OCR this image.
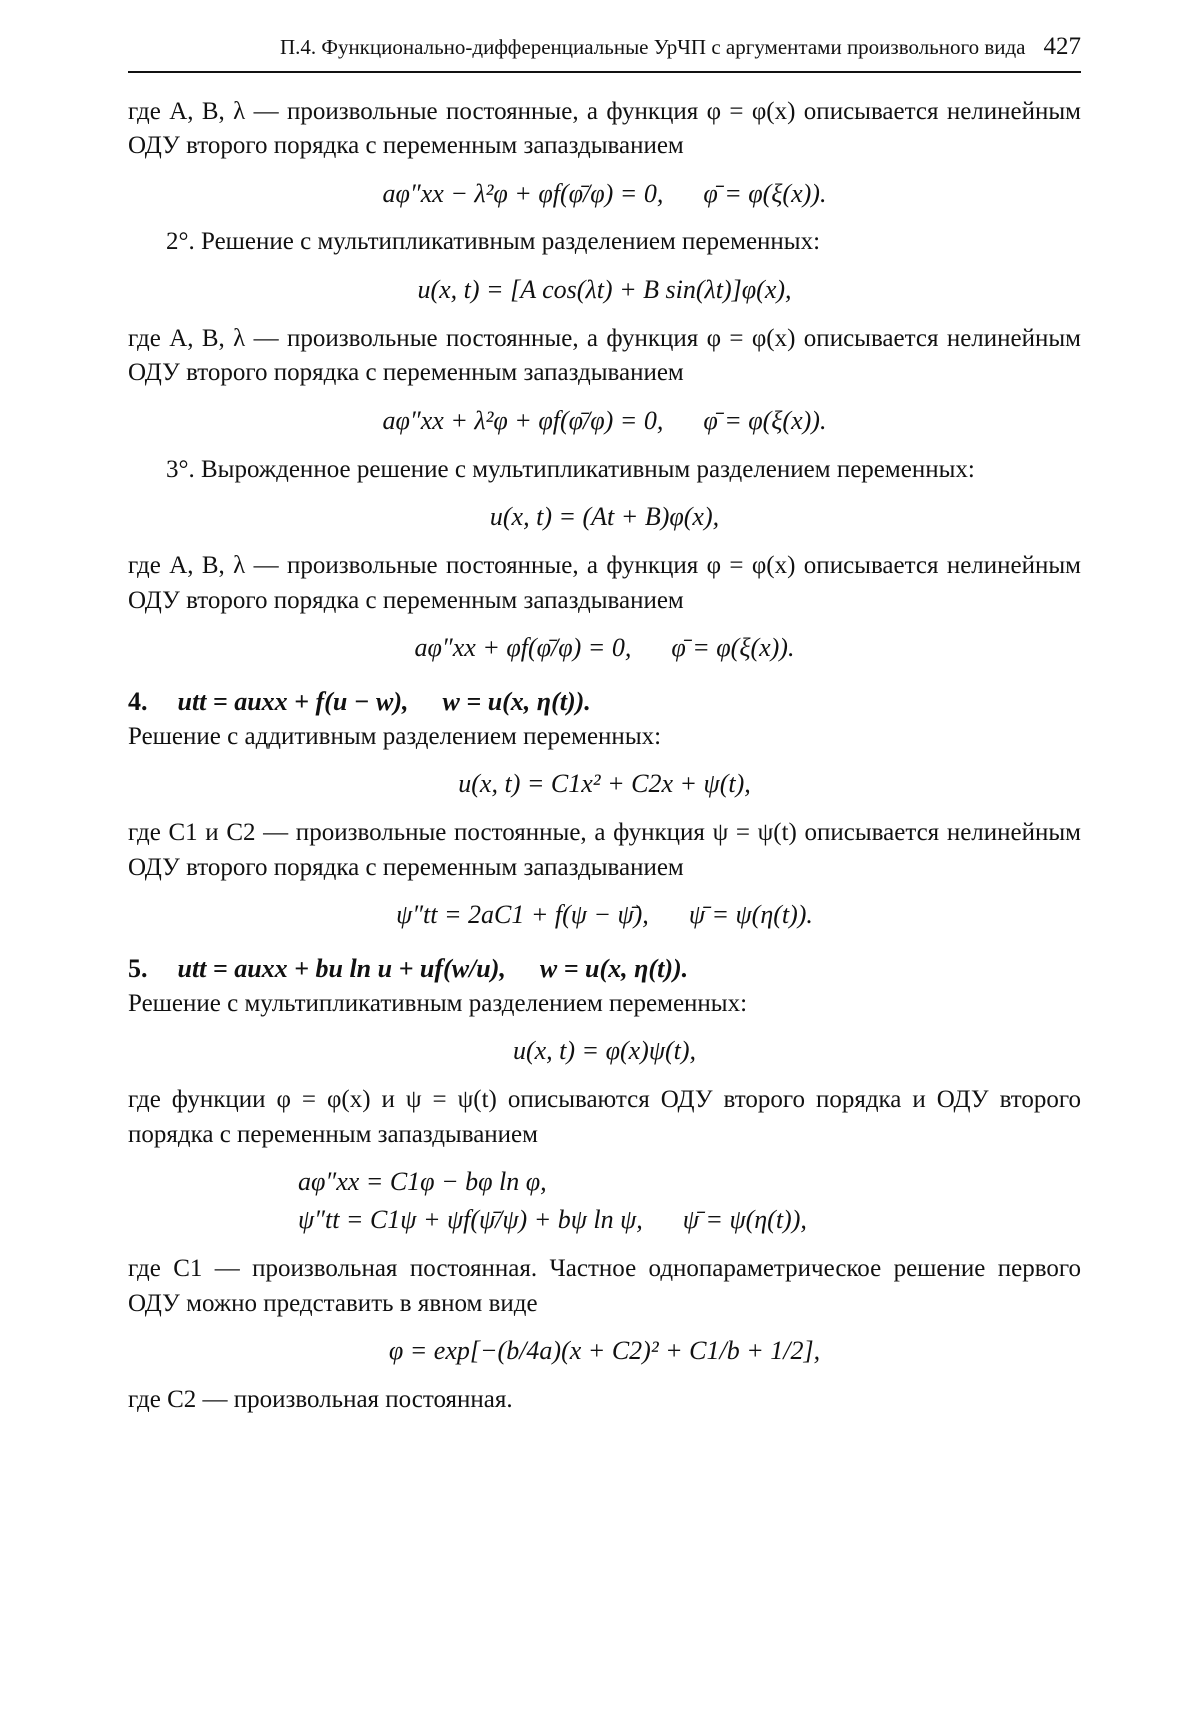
П.4. Функционально-дифференциальные УрЧП с аргументами произвольного вида 427

где A, B, λ — произвольные постоянные, а функция φ = φ(x) описывается нелинейным ОДУ второго порядка с переменным запаздыванием

aφ″xx − λ²φ + φf(φ̄/φ) = 0, φ̄ = φ(ξ(x)).

2°. Решение с мультипликативным разделением переменных:

u(x, t) = [A cos(λt) + B sin(λt)]φ(x),

где A, B, λ — произвольные постоянные, а функция φ = φ(x) описывается нелинейным ОДУ второго порядка с переменным запаздыванием

aφ″xx + λ²φ + φf(φ̄/φ) = 0, φ̄ = φ(ξ(x)).

3°. Вырожденное решение с мультипликативным разделением переменных:

u(x, t) = (At + B)φ(x),

где A, B, λ — произвольные постоянные, а функция φ = φ(x) описывается нелинейным ОДУ второго порядка с переменным запаздыванием

aφ″xx + φf(φ̄/φ) = 0, φ̄ = φ(ξ(x)).
4. utt = auxx + f(u − w), w = u(x, η(t)).

Решение с аддитивным разделением переменных:

u(x, t) = C1x² + C2x + ψ(t),

где C1 и C2 — произвольные постоянные, а функция ψ = ψ(t) описывается нелинейным ОДУ второго порядка с переменным запаздыванием

ψ″tt = 2aC1 + f(ψ − ψ̄), ψ̄ = ψ(η(t)).
5. utt = auxx + bu ln u + uf(w/u), w = u(x, η(t)).

Решение с мультипликативным разделением переменных:

u(x, t) = φ(x)ψ(t),

где функции φ = φ(x) и ψ = ψ(t) описываются ОДУ второго порядка и ОДУ второго порядка с переменным запаздыванием

aφ″xx = C1φ − bφ ln φ,
ψ″tt = C1ψ + ψf(ψ̄/ψ) + bψ ln ψ, ψ̄ = ψ(η(t)),

где C1 — произвольная постоянная. Частное однопараметрическое решение первого ОДУ можно представить в явном виде

φ = exp[−(b/4a)(x + C2)² + C1/b + 1/2],

где C2 — произвольная постоянная.
